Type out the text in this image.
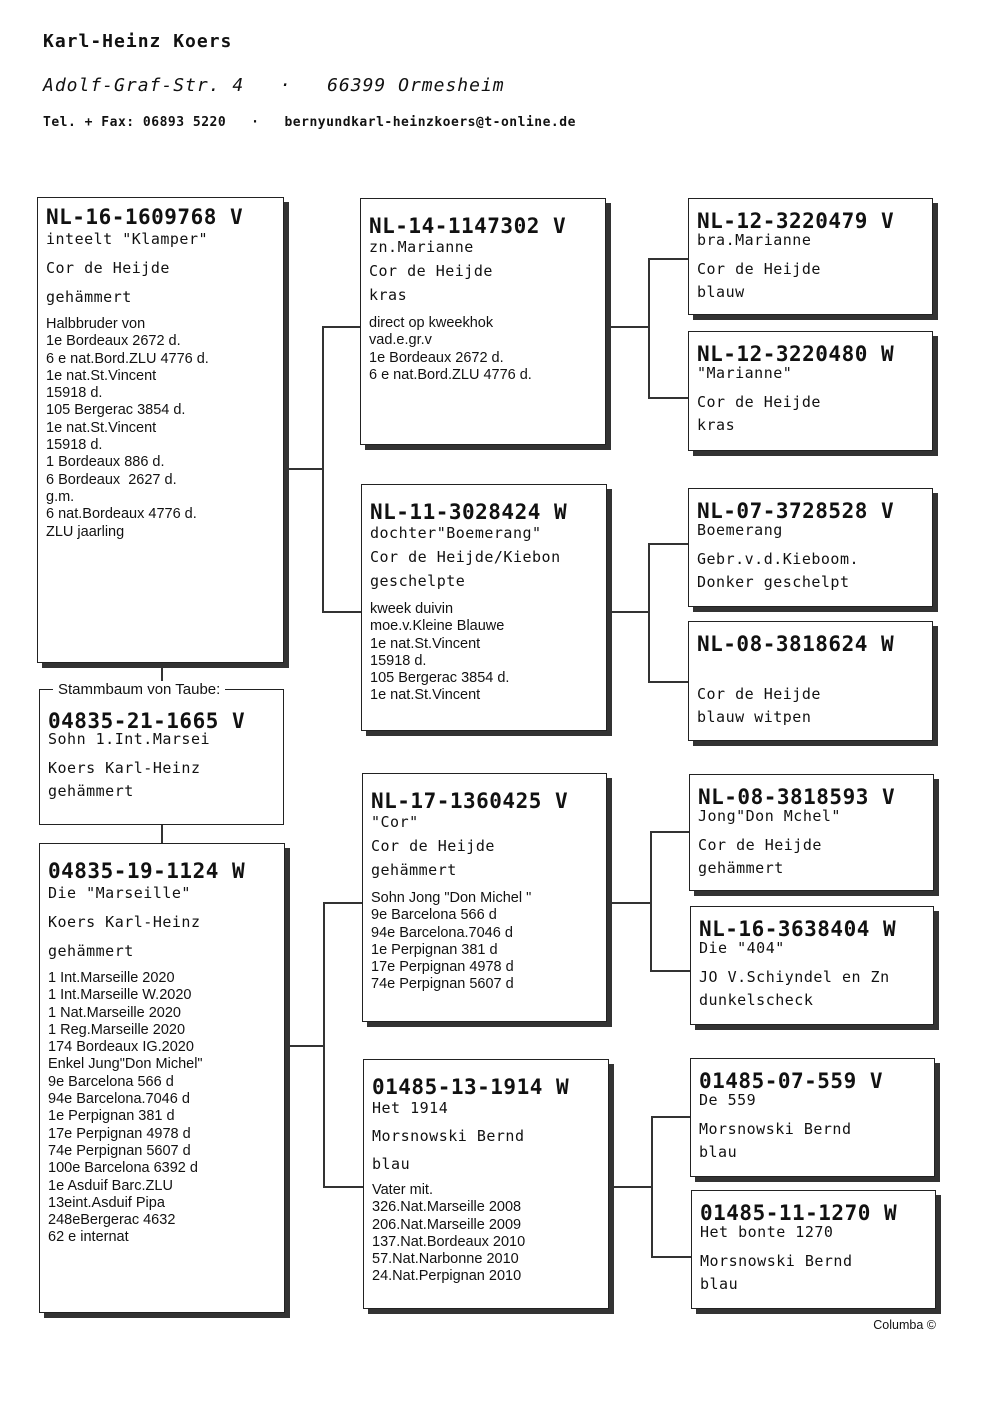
Karl-Heinz Koers
Adolf-Graf-Str. 4   ·   66399 Ormesheim
Tel. + Fax: 06893 5220   ·   bernyundkarl-heinzkoers@t-online.de
NL-16-1609768 V
inteelt "Klamper"
Cor de Heijde
gehämmert
Halbbruder von
1e Bordeaux 2672 d.
6 e nat.Bord.ZLU 4776 d.
1e nat.St.Vincent
15918 d.
105 Bergerac 3854 d.
1e nat.St.Vincent
15918 d.
1 Bordeaux 886 d.
6 Bordeaux  2627 d.
g.m.
6 nat.Bordeaux 4776 d.
ZLU jaarling
04835-21-1665 V
Sohn 1.Int.Marsei
Koers Karl-Heinz
gehämmert
Stammbaum von Taube:
04835-19-1124 W
Die "Marseille"
Koers Karl-Heinz
gehämmert
1 Int.Marseille 2020
1 Int.Marseille W.2020
1 Nat.Marseille 2020
1 Reg.Marseille 2020
174 Bordeaux IG.2020
Enkel Jung"Don Michel"
9e Barcelona 566 d
94e Barcelona.7046 d
1e Perpignan 381 d
17e Perpignan 4978 d
74e Perpignan 5607 d
100e Barcelona 6392 d
1e Asduif Barc.ZLU
13eint.Asduif Pipa
248eBergerac 4632
62 e internat
NL-14-1147302 V
zn.Marianne
Cor de Heijde
kras
direct op kweekhok
vad.e.gr.v
1e Bordeaux 2672 d.
6 e nat.Bord.ZLU 4776 d.
NL-11-3028424 W
dochter"Boemerang"
Cor de Heijde/Kiebon
geschelpte
kweek duivin
moe.v.Kleine Blauwe
1e nat.St.Vincent
15918 d.
105 Bergerac 3854 d.
1e nat.St.Vincent
NL-17-1360425 V
"Cor"
Cor de Heijde
gehämmert
Sohn Jong "Don Michel "
9e Barcelona 566 d
94e Barcelona.7046 d
1e Perpignan 381 d
17e Perpignan 4978 d
74e Perpignan 5607 d
01485-13-1914 W
Het 1914
Morsnowski Bernd
blau
Vater mit.
326.Nat.Marseille 2008
206.Nat.Marseille 2009
137.Nat.Bordeaux 2010
57.Nat.Narbonne 2010
24.Nat.Perpignan 2010
NL-12-3220479 V
bra.Marianne
Cor de Heijde
blauw
NL-12-3220480 W
"Marianne"
Cor de Heijde
kras
NL-07-3728528 V
Boemerang
Gebr.v.d.Kieboom.
Donker geschelpt
NL-08-3818624 W
Cor de Heijde
blauw witpen
NL-08-3818593 V
Jong"Don Mchel"
Cor de Heijde
gehämmert
NL-16-3638404 W
Die "404"
JO V.Schiyndel en Zn
dunkelscheck
01485-07-559 V
De 559
Morsnowski Bernd
blau
01485-11-1270 W
Het bonte 1270
Morsnowski Bernd
blau
Columba ©
